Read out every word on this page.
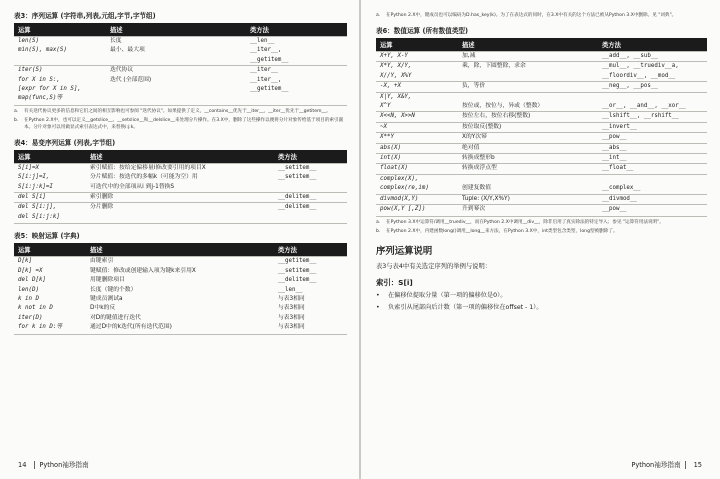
表3：序列运算 (字符串,列表,元组,字节,字节组)
运算	描述	类方法
len(S)	长度	__len__
min(S), max(S)	最小、最大项	__iter__,
		__getitem__
iter(S)	迭代协议	__iter__
for X in S:,	迭代 (全部范围)	__iter__,
[expr for X in S],		__getitem__
map(func,S)等		
a.	有关迭代协议更多的信息和它们之间的相互影响也可参阅 "迭代协议"。如果提供了定义，__contains__优先于__iter__，__iter__优先于__getitem__。
b.	在Python 2.X中，也可以定义__getslice__、__setslice__和__delslice__来处理分片操作。在3.X中，删除了这些操作以便将分片对象传给基于项目的索引副本。分片对象可以用做显式索引表达式中，来替换i:j:k。
表4：易变序列运算 (列表,字节组)
运算	描述	类方法
S[i]=X	索引赋值：按给定偏移量i修改要引用的项目X	__setitem__
S[i:j]=I,	分片赋值：按迭代的多幅k（可能为空）用	__setitem__
S[i:j:k]=I	可迭代中的全部项从i 到j-1替换S	
del S[i]	索引删除	__delitem__
del S[i:j],	分片删除	__delitem__
del S[i:j:k]		
表5：映射运算 (字典)
运算	描述	类方法
D[k]	由键索引	__getitem__
D[k] =X	键赋值：修改或创建输入项为键k来引用X	__setitem__
del D[k]	用键删除项目	__delitem__
len(D)	长度（键的个数）	__len__
k in D	键成员测试a	与表3相同
k not in D	D中k的反	与表3相同
iter(D)	对D的键值进行迭代	与表3相同
for k in D:等	通过D中的k迭代(所有迭代范围)	与表3相同
14 Python袖珍指南
a.	在Python 2.X中，键成员也可以编码为D.has_key(k)。为了在表达式的同时，在3.X中有关的这个方法已被从Python 3.X中删除。见 "词典"。
表6：数值运算 (所有数值类型)
运算	描述	类方法
X+Y, X-Y	加,减	__add__, __sub__
X*Y, X/Y,	乘，除，下圆整除，求余	__mul__, __truediv__a,
X//Y, X%Y		__floordiv__, __mod__
-X, +X	负，等价	__neg__, __pos__
X|Y, X&Y,		
X^Y	按位或，按位与，异或（整数）	__or__, __and__, __xor__
X<<N, X>>N	按位左右，按位右移(整数)	__lshift__, __rshift__
~X	按位取反(整数)	__invert__
X**Y	X的Y次幂	__pow__
abs(X)	绝对值	__abs__
int(X)	转换成整形b	__int__
float(X)	转换成浮点型	__float__
complex(X),		
complex(re,im)	创建复数值	__complex__
divmod(X,Y)	Tuple: (X/Y,X%Y)	__divmod__
pow(X,Y [,Z])	升到幂次	__pow__
a.	在Python 3.X中运算符/调用__truediv__，而在Python 2.X中调用__div__，除非启用了真实除法的特定导入；参见 "运算符用法说明"。
b.	在Python 2.X中，内建函数long()调用__long__来方法，在Python 3.X中，int类型包含类型，long型被删除了。
序列运算说明
表3与表4中有关选定序列的举例与说明：
索引：S[i]
•	在偏移位提取分量（第一项的偏移位是0）。
•	负索引从尾部向后计数（第一项的偏移位在offset - 1）。
Python袖珍指南 15
